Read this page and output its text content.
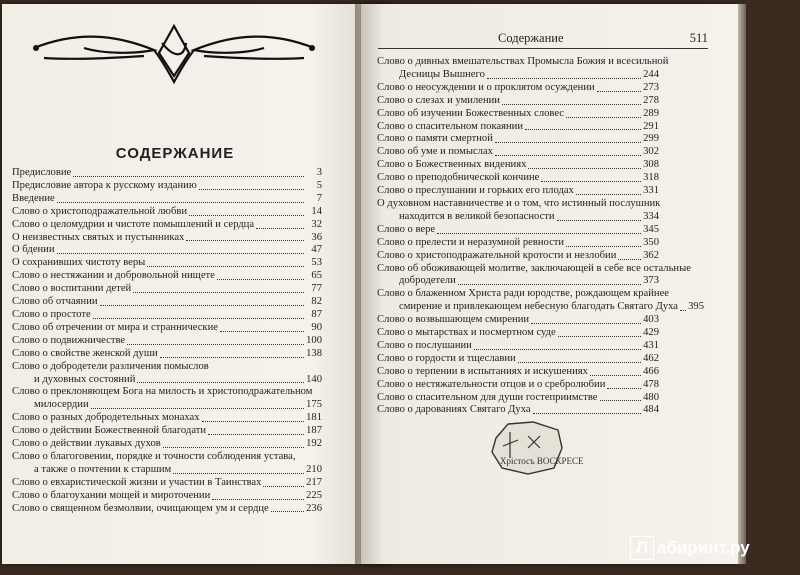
СОДЕРЖАНИЕ
Предисловие	3
Предисловие автора к русскому изданию	5
Введение	7
Слово о христоподражательной любви	14
Слово о целомудрии и чистоте помышлений и сердца	32
О неизвестных святых и пустынниках	36
О бдении	47
О сохранивших чистоту веры	53
Слово о нестяжании и добровольной нищете	65
Слово о воспитании детей	77
Слово об отчаянии	82
Слово о простоте	87
Слово об отречении от мира и страннические	90
Слово о подвижничестве	100
Слово о свойстве женской души	138
Слово о добродетели различения помыслов
и духовных состояний	140
Слово о преклоняющем Бога на милость и христоподражательном
милосердии	175
Слово о разных добродетельных монахах	181
Слово о действии Божественной благодати	187
Слово о действии лукавых духов	192
Слово о благоговении, порядке и точности соблюдения устава,
а также о почтении к старшим	210
Слово о евхаристической жизни и участии в Таинствах	217
Слово о благоухании мощей и мироточении	225
Слово о священном безмолвии, очищающем ум и сердце	236
Содержание	511
Слово о дивных вмешательствах Промысла Божия и всесильной
Десницы Вышнего	244
Слово о неосуждении и о проклятом осуждении	273
Слово о слезах и умилении	278
Слово об изучении Божественных словес	289
Слово о спасительном покаянии	291
Слово о памяти смертной	299
Слово об уме и помыслах	302
Слово о Божественных видениях	308
Слово о преподобнической кончине	318
Слово о преслушании и горьких его плодах	331
О духовном наставничестве и о том, что истинный послушник
находится в великой безопасности	334
Слово о вере	345
Слово о прелести и неразумной ревности	350
Слово о христоподражательной кротости и незлобии	362
Слово об обоживающей молитве, заключающей в себе все остальные
добродетели	373
Слово о блаженном Христа ради юродстве, рождающем крайнее
смирение и привлекающем небесную благодать Святаго Духа 395
Слово о возвышающем смирении	403
Слово о мытарствах и посмертном суде	429
Слово о послушании	431
Слово о гордости и тщеславии	462
Слово о терпении в испытаниях и искушениях	466
Слово о нестяжательности отцов и о сребролюбии	478
Слово о спасительном для души гостеприимстве	480
Слово о дарованиях Святаго Духа	484
Хрiстосъ ВОСКРЕСЕ
Л абиринт.ру
